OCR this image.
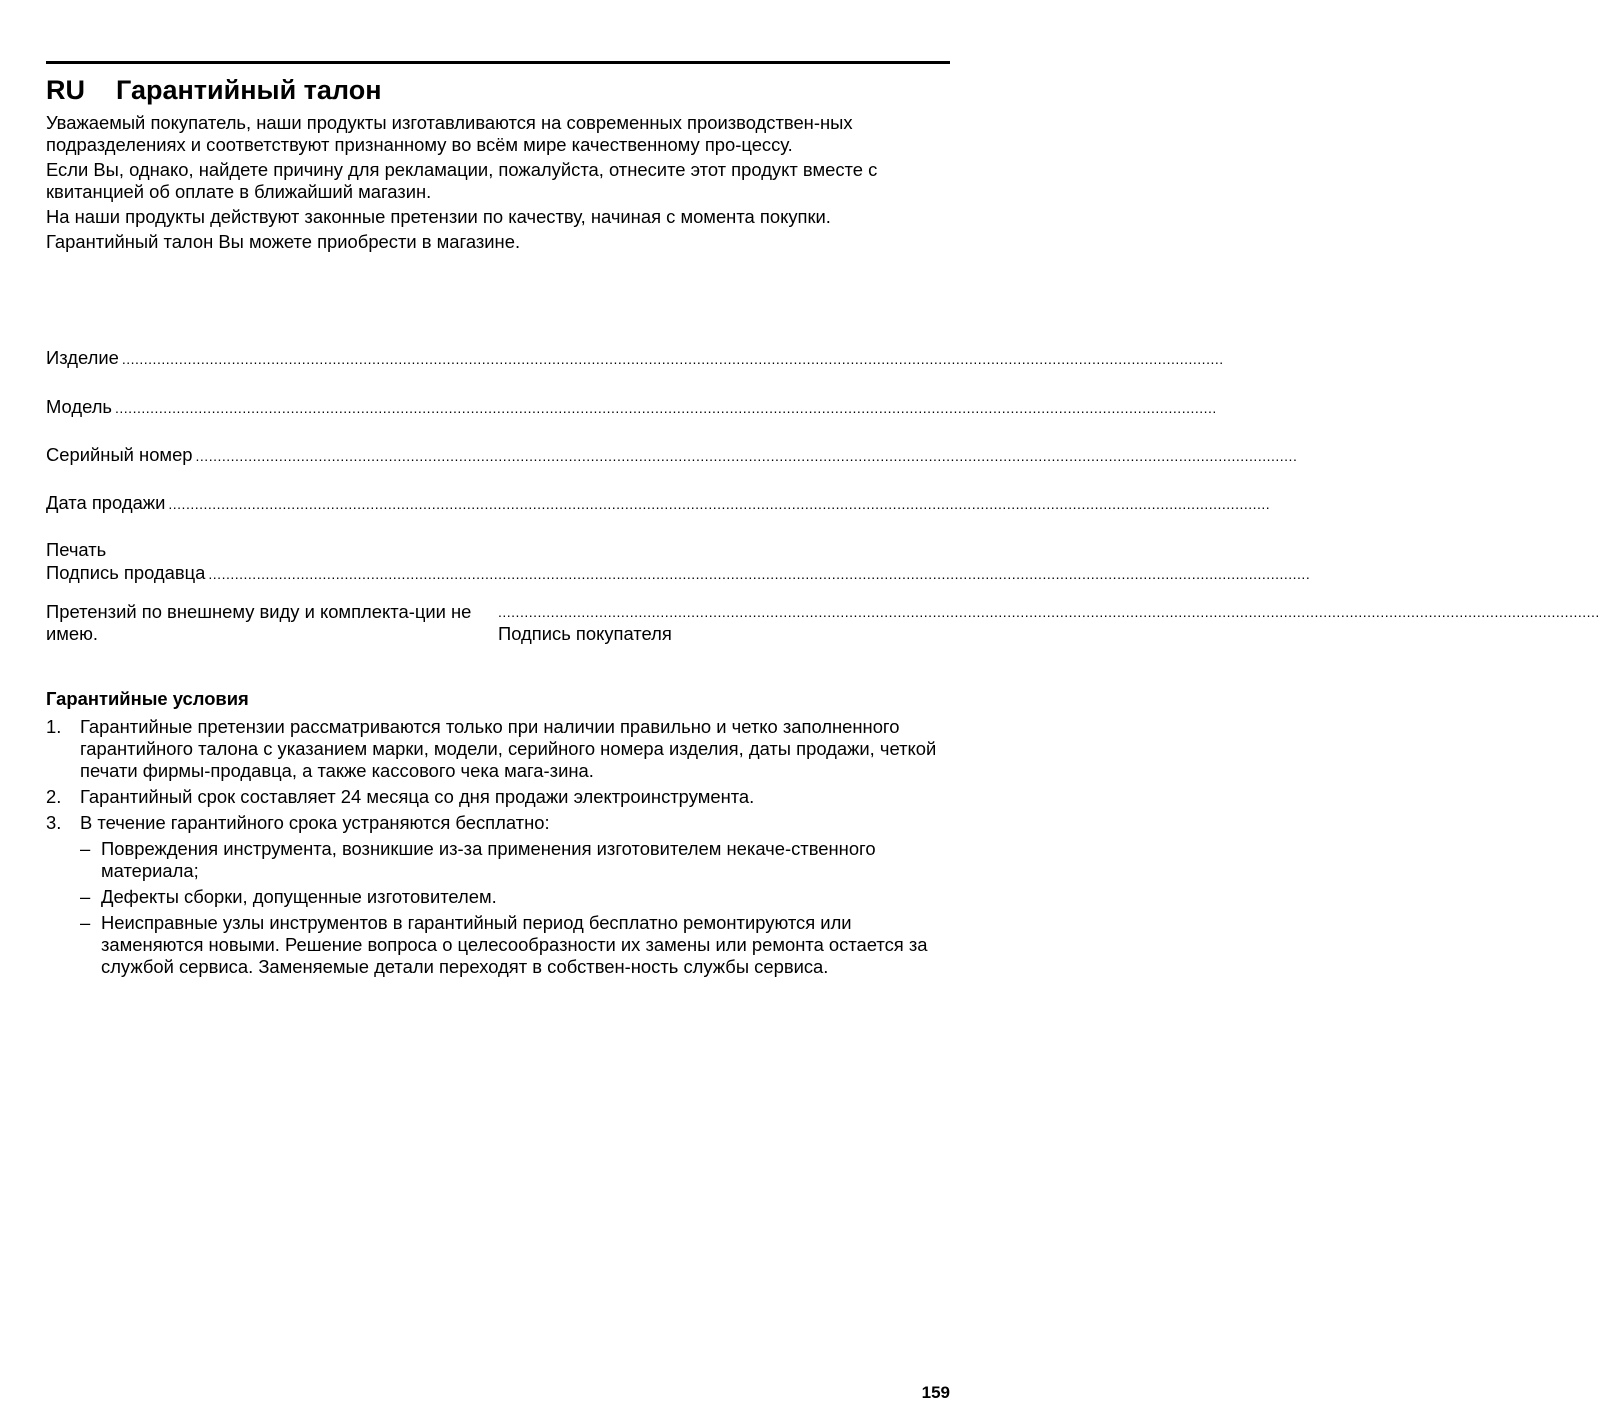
RU Гарантийный талон

Уважаемый покупатель, наши продукты изготавливаются на современных производствен-ных подразделениях и соответствуют признанному во всём мире качественному про-цессу.

Если Вы, однако, найдете причину для рекламации, пожалуйста, отнесите этот продукт вместе с квитанцией об оплате в ближайший магазин.

На наши продукты действуют законные претензии по качеству, начиная с момента покупки.

Гарантийный талон Вы можете приобрести в магазине.

Изделие ...........................................................................................................................................................................................................................................................
Модель ...........................................................................................................................................................................................................................................................
Серийный номер ...........................................................................................................................................................................................................................................................
Дата продажи ...........................................................................................................................................................................................................................................................
Печать
Подпись продавца ...........................................................................................................................................................................................................................................................
Претензий по внешнему виду и комплекта-ции не имею.
...........................................................................................................................................................................................................................................................
Подпись покупателя
Гарантийные условия
1.	Гарантийные претензии рассматриваются только при наличии правильно и четко заполненного гарантийного талона с указанием марки, модели, серийного номера изделия, даты продажи, четкой печати фирмы-продавца, а также кассового чека мага-зина.
2.	Гарантийный срок составляет 24 месяца со дня продажи электроинструмента.
3.	В течение гарантийного срока устраняются бесплатно:
– Повреждения инструмента, возникшие из-за применения изготовителем некаче-ственного материала;
– Дефекты сборки, допущенные изготовителем.
– Неисправные узлы инструментов в гарантийный период бесплатно ремонтируются или заменяются новыми. Решение вопроса о целесообразности их замены или ремонта остается за службой сервиса. Заменяемые детали переходят в собствен-ность службы сервиса.
159
